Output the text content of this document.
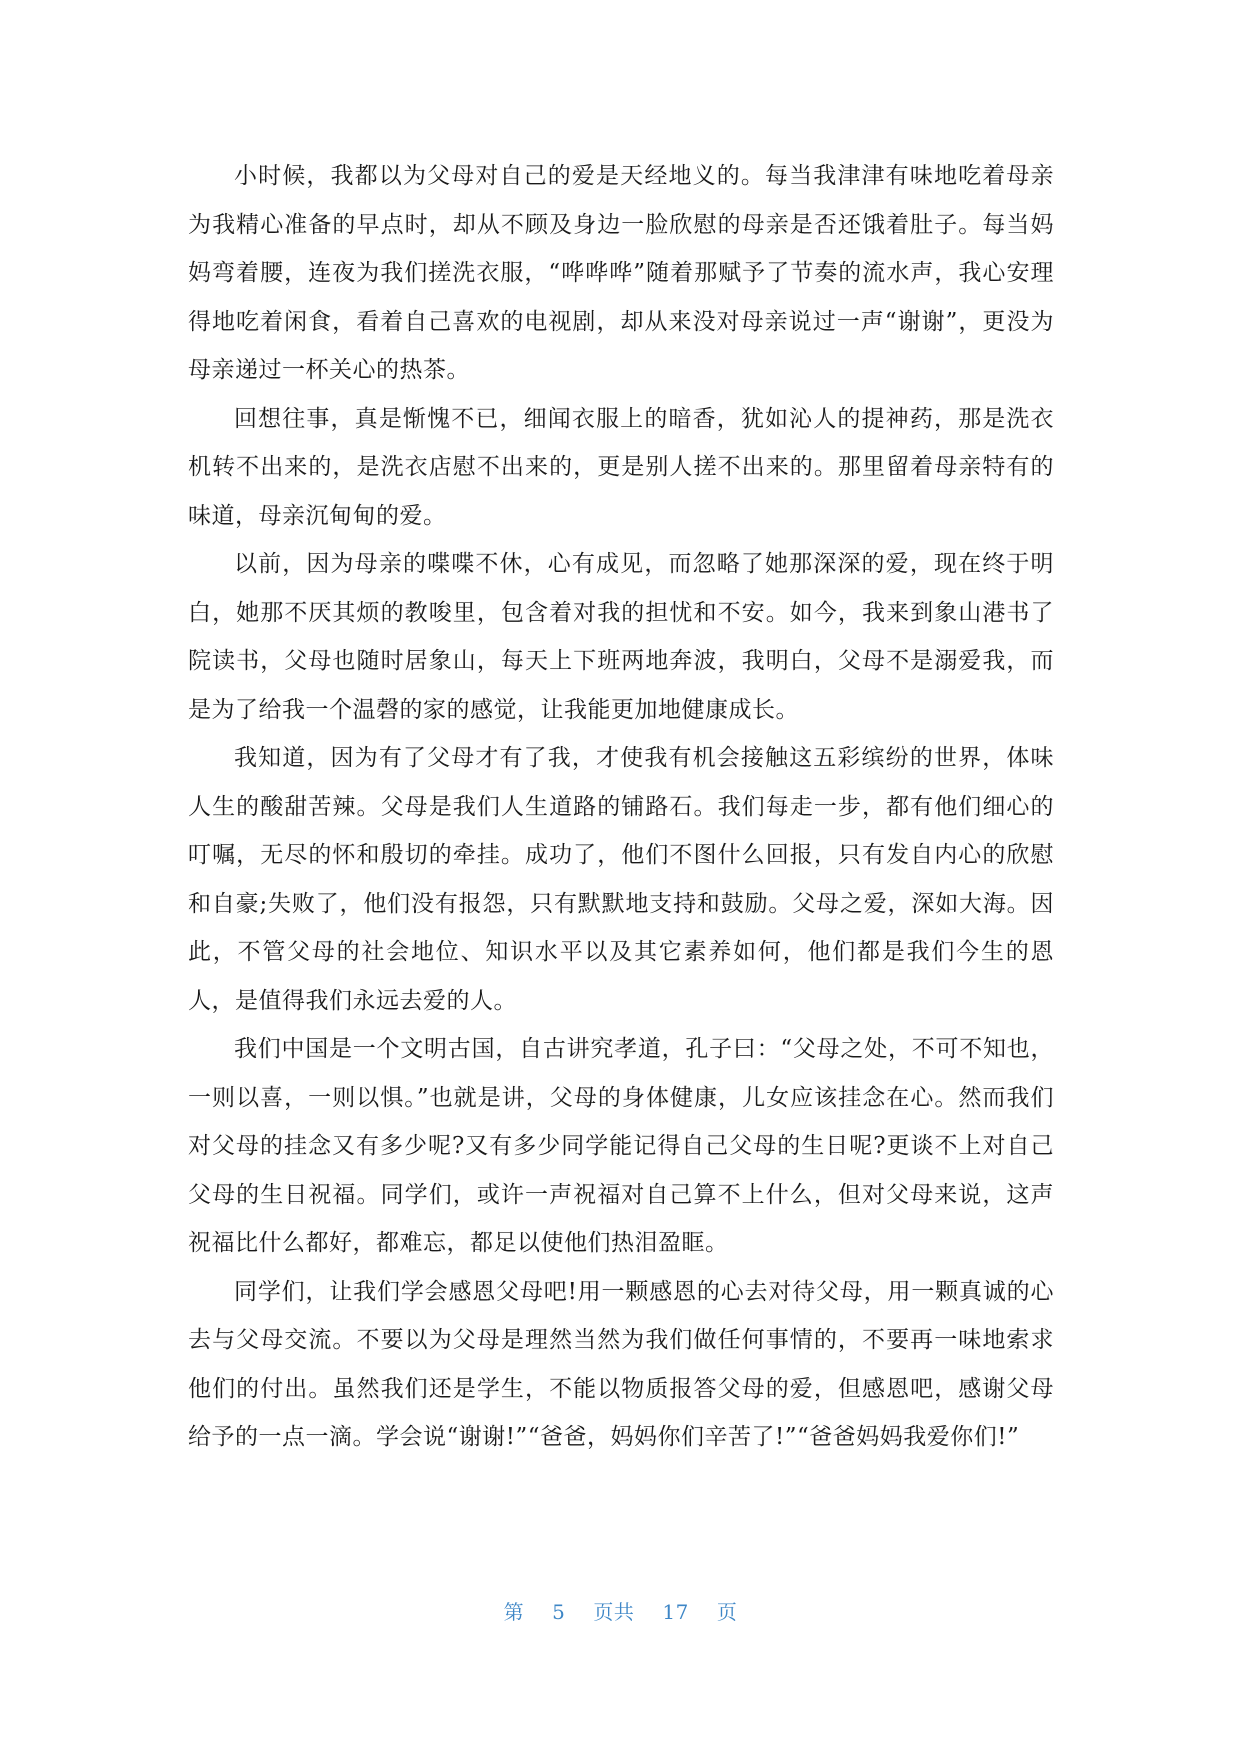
小时候，我都以为父母对自己的爱是天经地义的。每当我津津有味地吃着母亲为我精心准备的早点时，却从不顾及身边一脸欣慰的母亲是否还饿着肚子。每当妈妈弯着腰，连夜为我们搓洗衣服，“哗哗哗”随着那赋予了节奏的流水声，我心安理得地吃着闲食，看着自己喜欢的电视剧，却从来没对母亲说过一声“谢谢”，更没为母亲递过一杯关心的热茶。

回想往事，真是惭愧不已，细闻衣服上的暗香，犹如沁人的提神药，那是洗衣机转不出来的，是洗衣店慰不出来的，更是别人搓不出来的。那里留着母亲特有的味道，母亲沉甸甸的爱。

以前，因为母亲的喋喋不休，心有成见，而忽略了她那深深的爱，现在终于明白，她那不厌其烦的教唆里，包含着对我的担忧和不安。如今，我来到象山港书了院读书，父母也随时居象山，每天上下班两地奔波，我明白，父母不是溺爱我，而是为了给我一个温磬的家的感觉，让我能更加地健康成长。

我知道，因为有了父母才有了我，才使我有机会接触这五彩缤纷的世界，体味人生的酸甜苦辣。父母是我们人生道路的铺路石。我们每走一步，都有他们细心的叮嘱，无尽的怀和殷切的牵挂。成功了，他们不图什么回报，只有发自内心的欣慰和自豪;失败了，他们没有报怨，只有默默地支持和鼓励。父母之爱，深如大海。因此，不管父母的社会地位、知识水平以及其它素养如何，他们都是我们今生的恩人，是值得我们永远去爱的人。

我们中国是一个文明古国，自古讲究孝道，孔子曰：“父母之处，不可不知也，一则以喜，一则以惧。”也就是讲，父母的身体健康，儿女应该挂念在心。然而我们对父母的挂念又有多少呢?又有多少同学能记得自己父母的生日呢?更谈不上对自己父母的生日祝福。同学们，或许一声祝福对自己算不上什么，但对父母来说，这声祝福比什么都好，都难忘，都足以使他们热泪盈眶。

同学们，让我们学会感恩父母吧!用一颗感恩的心去对待父母，用一颗真诚的心去与父母交流。不要以为父母是理然当然为我们做任何事情的，不要再一味地索求他们的付出。虽然我们还是学生，不能以物质报答父母的爱，但感恩吧，感谢父母给予的一点一滴。学会说“谢谢!”“爸爸，妈妈你们辛苦了!”“爸爸妈妈我爱你们!”

第 5 页共 17 页
